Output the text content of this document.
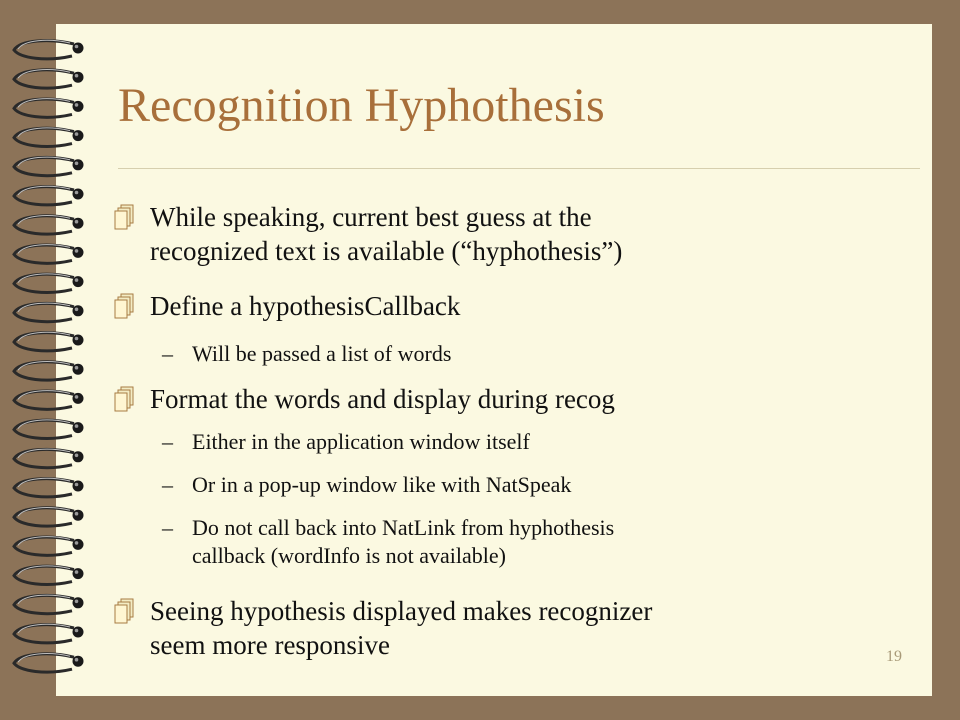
Recognition Hyphothesis
While speaking, current best guess at the
recognized text is available (“hyphothesis”)
Define a hypothesisCallback
– Will be passed a list of words
Format the words and display during recog
– Either in the application window itself
– Or in a pop-up window like with NatSpeak
– Do not call back into NatLink from hyphothesis
callback (wordInfo is not available)
Seeing hypothesis displayed makes recognizer
seem more responsive	19
